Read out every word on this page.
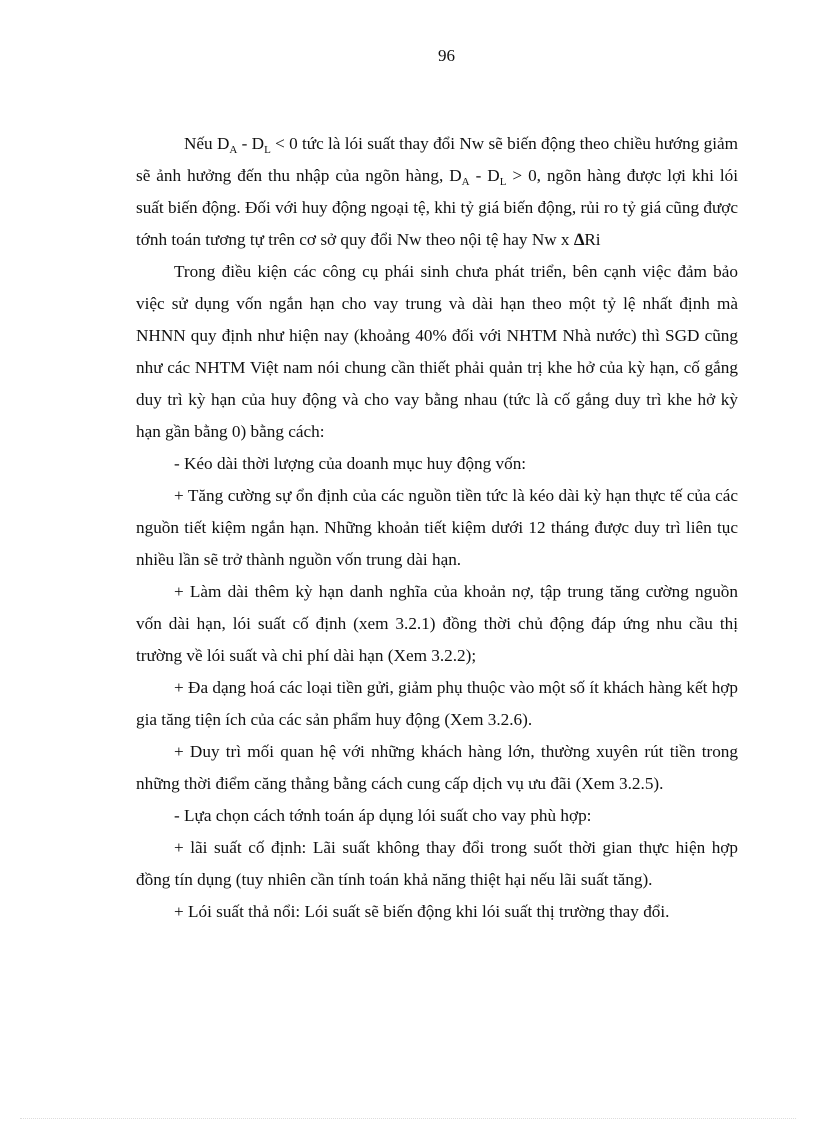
96

Nếu $D_A - D_L < 0$ tức là lói suất thay đổi Nw sẽ biến động theo chiều hướng giảm sẽ ảnh hưởng đến thu nhập của ngõn hàng, $D_A - D_L > 0$, ngõn hàng được lợi khi lói suất biến động. Đối với huy động ngoại tệ, khi tỷ giá biến động, rủi ro tỷ giá cũng được tớnh toán tương tự trên cơ sở quy đổi Nw theo nội tệ hay Nw x ∆Ri

Trong điều kiện các công cụ phái sinh chưa phát triển, bên cạnh việc đảm bảo việc sử dụng vốn ngắn hạn cho vay trung và dài hạn theo một tỷ lệ nhất định mà NHNN quy định như hiện nay (khoảng 40% đối với NHTM Nhà nước) thì SGD cũng như các NHTM Việt nam nói chung cần thiết phải quản trị khe hở của kỳ hạn, cố gắng duy trì kỳ hạn của huy động và cho vay bằng nhau (tức là cố gắng duy trì khe hở kỳ hạn gần bằng 0) bằng cách:

- Kéo dài thời lượng của doanh mục huy động vốn:

+ Tăng cường sự ổn định của các nguồn tiền tức là kéo dài kỳ hạn thực tế của các nguồn tiết kiệm ngắn hạn. Những khoản tiết kiệm dưới 12 tháng được duy trì liên tục nhiều lần sẽ trở thành nguồn vốn trung dài hạn.

+ Làm dài thêm kỳ hạn danh nghĩa của khoản nợ, tập trung tăng cường nguồn vốn dài hạn, lói suất cố định (xem 3.2.1) đồng thời chủ động đáp ứng nhu cầu thị trường về lói suất và chi phí dài hạn (Xem 3.2.2);

+ Đa dạng hoá các loại tiền gửi, giảm phụ thuộc vào một số ít khách hàng kết hợp gia tăng tiện ích của các sản phẩm huy động (Xem 3.2.6).

+ Duy trì mối quan hệ với những khách hàng lớn, thường xuyên rút tiền trong những thời điểm căng thẳng bằng cách cung cấp dịch vụ ưu đãi (Xem 3.2.5).

- Lựa chọn cách tớnh toán áp dụng lói suất cho vay phù hợp:

+ lãi suất cố định: Lãi suất không thay đổi trong suốt thời gian thực hiện hợp đồng tín dụng (tuy nhiên cần tính toán khả năng thiệt hại nếu lãi suất tăng).

+ Lói suất thả nổi: Lói suất sẽ biến động khi lói suất thị trường thay đổi.
